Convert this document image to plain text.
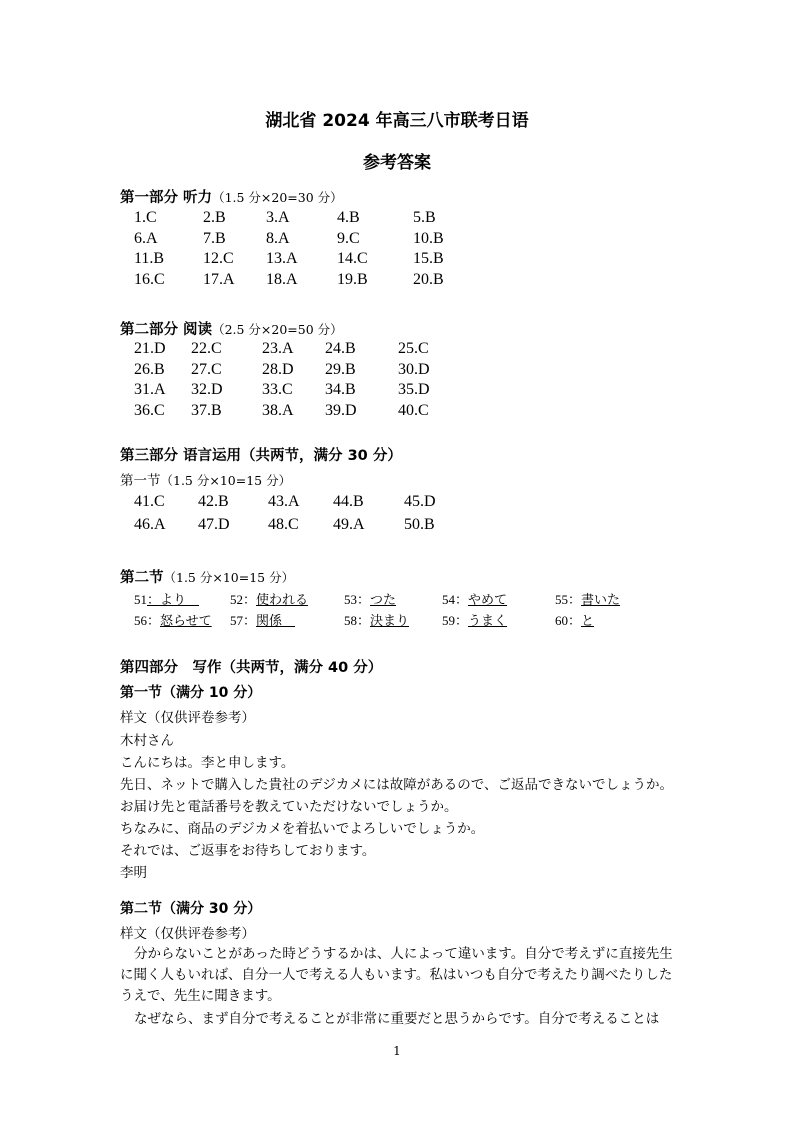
湖北省 2024 年高三八市联考日语
参考答案
第一部分 听力（1.5 分×20=30 分）
第二部分 阅读（2.5 分×20=50 分）
第三部分 语言运用（共两节，满分 30 分）
第一节（1.5 分×10=15 分）
第二节（1.5 分×10=15 分）
第四部分　写作（共两节，满分 40 分）
第一节（满分 10 分）
样文（仅供评卷参考）
木村さん
こんにちは。李と申します。
先日、ネットで購入した貴社のデジカメには故障があるので、ご返品できないでしょうか。
お届け先と電話番号を教えていただけないでしょうか。
ちなみに、商品のデジカメを着払いでよろしいでしょうか。
それでは、ご返事をお待ちしております。
李明
第二节（满分 30 分）
样文（仅供评卷参考）
分からないことがあった時どうするかは、人によって違います。自分で考えずに直接先生に聞く人もいれば、自分一人で考える人もいます。私はいつも自分で考えたり調べたりしたうえで、先生に聞きます。
なぜなら、まず自分で考えることが非常に重要だと思うからです。自分で考えることは
1
1.C	2.B	3.A	4.B	5.B
6.A	7.B	8.A	9.C	10.B
11.B 12.C 13.A 14.C	15.B
16.C 17.A 18.A 19.B	20.B
21.D 22.C	23.A 24.B	25.C
26.B 27.C	28.D 29.B	30.D
31.A 32.D 33.C 34.B	35.D
36.C 37.B	38.A 39.D	40.C
41.C 42.B 43.A 44.B	45.D
46.A 47.D 48.C 49.A 50.B
51：より　 52：使われる	53：つた	54：やめて	55：書いた
56：怒らせて 57：関係　	58：決まり	59：うまく	60：と
